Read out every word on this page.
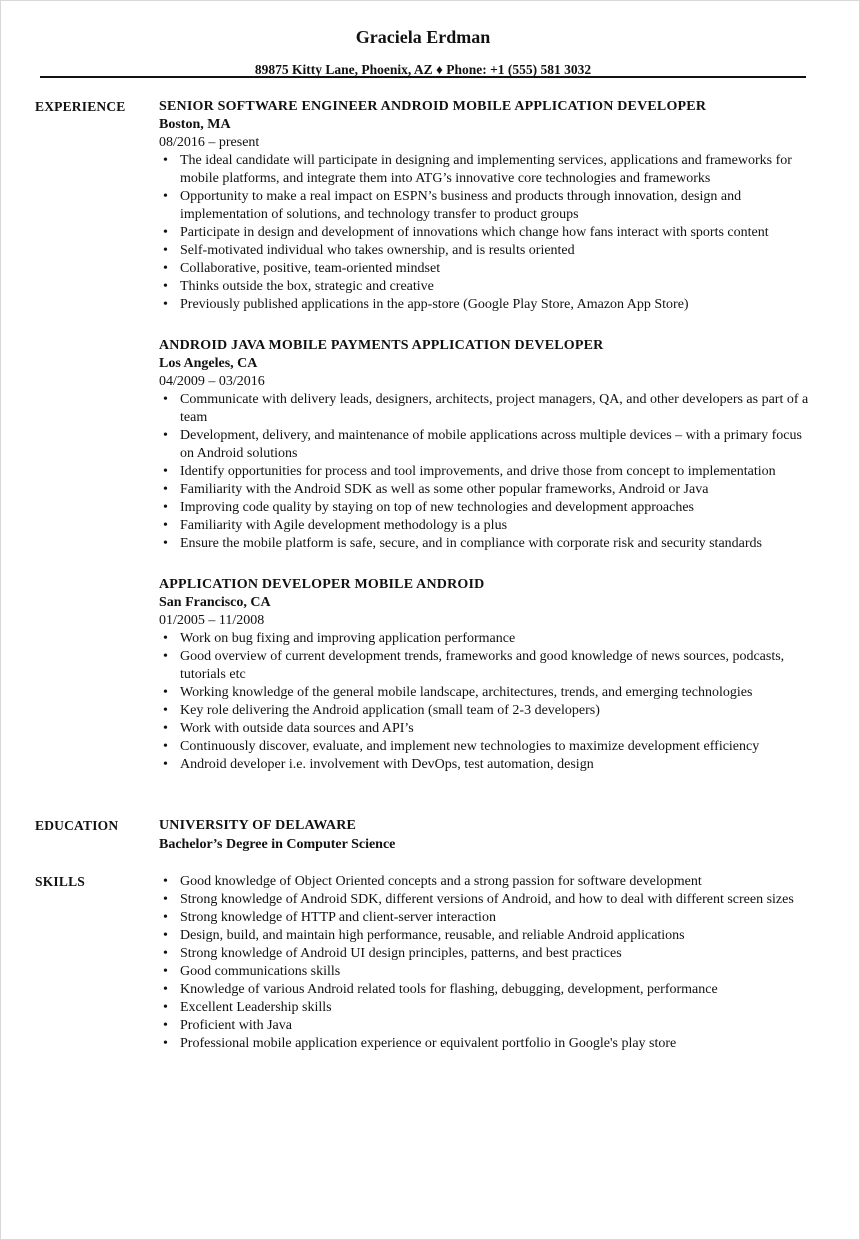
Graciela Erdman
89875 Kitty Lane, Phoenix, AZ ♦ Phone: +1 (555) 581 3032
EXPERIENCE	SENIOR SOFTWARE ENGINEER ANDROID MOBILE APPLICATION DEVELOPER
Boston, MA
08/2016 – present
• The ideal candidate will participate in designing and implementing services, applications and frameworks for mobile platforms, and integrate them into ATG’s innovative core technologies and frameworks
• Opportunity to make a real impact on ESPN’s business and products through innovation, design and implementation of solutions, and technology transfer to product groups
• Participate in design and development of innovations which change how fans interact with sports content
• Self-motivated individual who takes ownership, and is results oriented
• Collaborative, positive, team-oriented mindset
• Thinks outside the box, strategic and creative
• Previously published applications in the app-store (Google Play Store, Amazon App Store)
ANDROID JAVA MOBILE PAYMENTS APPLICATION DEVELOPER
Los Angeles, CA
04/2009 – 03/2016
• Communicate with delivery leads, designers, architects, project managers, QA, and other developers as part of a team
• Development, delivery, and maintenance of mobile applications across multiple devices – with a primary focus on Android solutions
• Identify opportunities for process and tool improvements, and drive those from concept to implementation
• Familiarity with the Android SDK as well as some other popular frameworks, Android or Java
• Improving code quality by staying on top of new technologies and development approaches
• Familiarity with Agile development methodology is a plus
• Ensure the mobile platform is safe, secure, and in compliance with corporate risk and security standards
APPLICATION DEVELOPER MOBILE ANDROID
San Francisco, CA
01/2005 – 11/2008
• Work on bug fixing and improving application performance
• Good overview of current development trends, frameworks and good knowledge of news sources, podcasts, tutorials etc
• Working knowledge of the general mobile landscape, architectures, trends, and emerging technologies
• Key role delivering the Android application (small team of 2-3 developers)
• Work with outside data sources and API’s
• Continuously discover, evaluate, and implement new technologies to maximize development efficiency
• Android developer i.e. involvement with DevOps, test automation, design
EDUCATION	UNIVERSITY OF DELAWARE
Bachelor’s Degree in Computer Science
SKILLS	• Good knowledge of Object Oriented concepts and a strong passion for software development
• Strong knowledge of Android SDK, different versions of Android, and how to deal with different screen sizes
• Strong knowledge of HTTP and client-server interaction
• Design, build, and maintain high performance, reusable, and reliable Android applications
• Strong knowledge of Android UI design principles, patterns, and best practices
• Good communications skills
• Knowledge of various Android related tools for flashing, debugging, development, performance
• Excellent Leadership skills
• Proficient with Java
• Professional mobile application experience or equivalent portfolio in Google's play store
